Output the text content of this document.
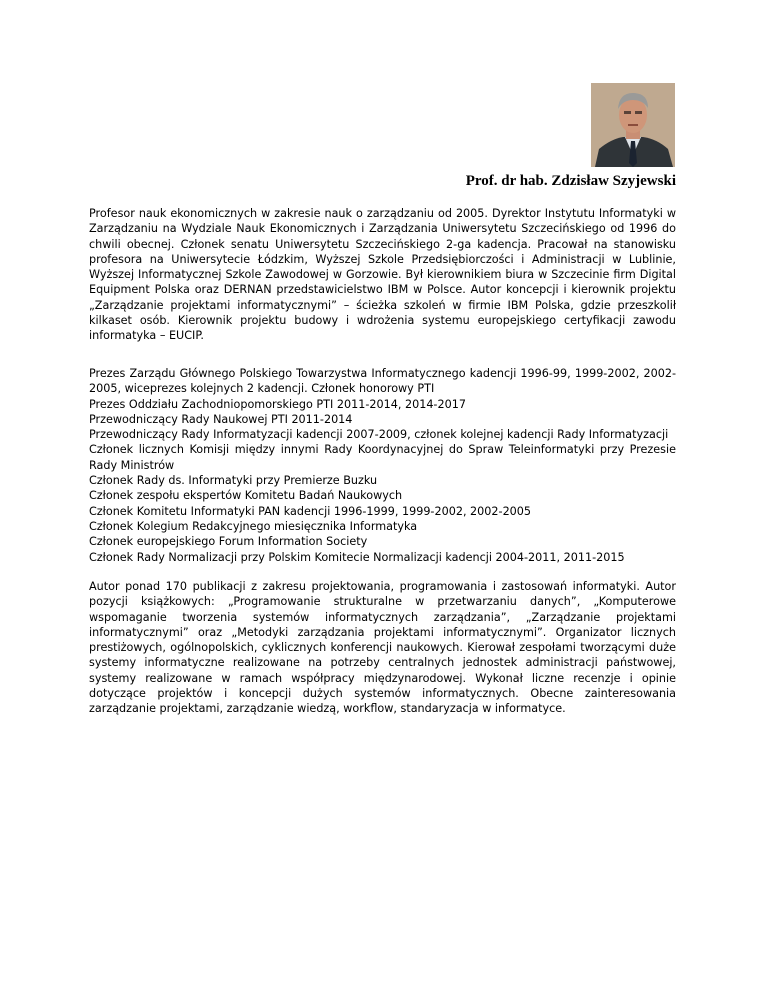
Prof. dr hab. Zdzisław Szyjewski

Profesor nauk ekonomicznych w zakresie nauk o zarządzaniu od 2005. Dyrektor Instytutu Informatyki w Zarządzaniu na Wydziale Nauk Ekonomicznych i Zarządzania Uniwersytetu Szczecińskiego od 1996 do chwili obecnej. Członek senatu Uniwersytetu Szczecińskiego 2-ga kadencja. Pracował na stanowisku profesora na Uniwersytecie Łódzkim, Wyższej Szkole Przedsiębiorczości i Administracji w Lublinie, Wyższej Informatycznej Szkole Zawodowej w Gorzowie. Był kierownikiem biura w Szczecinie firm Digital Equipment Polska oraz DERNAN przedstawicielstwo IBM w Polsce. Autor koncepcji i kierownik projektu „Zarządzanie projektami informatycznymi” – ścieżka szkoleń w firmie IBM Polska, gdzie przeszkolił kilkaset osób. Kierownik projektu budowy i wdrożenia systemu europejskiego certyfikacji zawodu informatyka – EUCIP.

Prezes Zarządu Głównego Polskiego Towarzystwa Informatycznego kadencji 1996-99, 1999-2002, 2002-2005, wiceprezes kolejnych 2 kadencji. Członek honorowy PTI

Prezes Oddziału Zachodniopomorskiego PTI 2011-2014, 2014-2017

Przewodniczący Rady Naukowej PTI 2011-2014

Przewodniczący Rady Informatyzacji kadencji 2007-2009, członek kolejnej kadencji Rady Informatyzacji

Członek licznych Komisji między innymi Rady Koordynacyjnej do Spraw Teleinformatyki przy Prezesie Rady Ministrów

Członek Rady ds. Informatyki przy Premierze Buzku

Członek zespołu ekspertów Komitetu Badań Naukowych

Członek Komitetu Informatyki PAN kadencji 1996-1999, 1999-2002, 2002-2005

Członek Kolegium Redakcyjnego miesięcznika Informatyka

Członek europejskiego Forum Information Society

Członek Rady Normalizacji przy Polskim Komitecie Normalizacji kadencji 2004-2011, 2011-2015

Autor ponad 170 publikacji z zakresu projektowania, programowania i zastosowań informatyki. Autor pozycji książkowych: „Programowanie strukturalne w przetwarzaniu danych”, „Komputerowe wspomaganie tworzenia systemów informatycznych zarządzania”, „Zarządzanie projektami informatycznymi” oraz „Metodyki zarządzania projektami informatycznymi”. Organizator licznych prestiżowych, ogólnopolskich, cyklicznych konferencji naukowych. Kierował zespołami tworzącymi duże systemy informatyczne realizowane na potrzeby centralnych jednostek administracji państwowej, systemy realizowane w ramach współpracy międzynarodowej. Wykonał liczne recenzje i opinie dotyczące projektów i koncepcji dużych systemów informatycznych. Obecne zainteresowania zarządzanie projektami, zarządzanie wiedzą, workflow, standaryzacja w informatyce.
